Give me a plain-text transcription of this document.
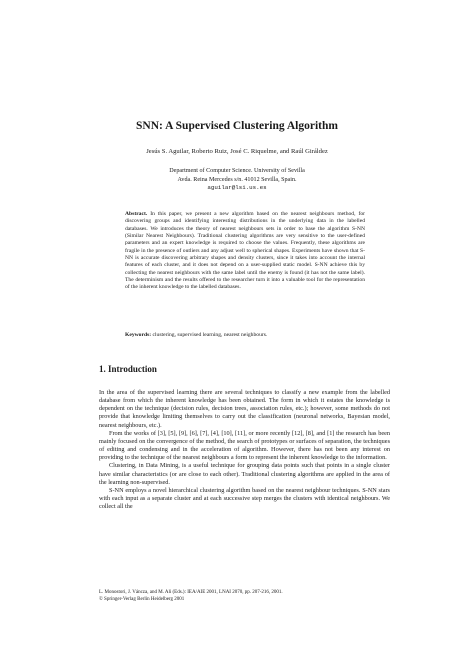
SNN: A Supervised Clustering Algorithm

Jesús S. Aguilar, Roberto Ruiz, José C. Riquelme, and Raúl Giráldez

Department of Computer Science. University of Sevilla
Avda. Reina Mercedes s/n. 41012 Sevilla, Spain.
aguilar@lsi.us.es

Abstract. In this paper, we present a new algorithm based on the nearest neighbours method, for discovering groups and identifying interesting distributions in the underlying data in the labelled databases. We introduces the theory of nearest neighbours sets in order to base the algorithm S-NN (Similar Nearest Neighbours). Traditional clustering algorithms are very sensitive to the user-defined parameters and an expert knowledge is required to choose the values. Frequently, these algorithms are fragile in the presence of outliers and any adjust well to spherical shapes. Experiments have shown that S-NN is accurate discovering arbitrary shapes and density clusters, since it takes into account the internal features of each cluster, and it does not depend on a user-supplied static model. S-NN achieve this by collecting the nearest neighbours with the same label until the enemy is found (it has not the same label). The determinism and the results offered to the researcher turn it into a valuable tool for the representation of the inherent knowledge to the labelled databases.

Keywords: clustering, supervised learning, nearest neighbours.

1. Introduction

In the area of the supervised learning there are several techniques to classify a new example from the labelled database from which the inherent knowledge has been obtained. The form in which it estates the knowledge is dependent on the technique (decision rules, decision trees, association rules, etc.); however, some methods do not provide that knowledge limiting themselves to carry out the classification (neuronal networks, Bayesian model, nearest neighbours, etc.).

From the works of [3], [5], [9], [6], [7], [4], [10], [11], or more recently [12], [8], and [1] the research has been mainly focused on the convergence of the method, the search of prototypes or surfaces of separation, the techniques of editing and condensing and in the acceleration of algorithm. However, there has not been any interest on providing to the technique of the nearest neighbours a form to represent the inherent knowledge to the information.

Clustering, in Data Mining, is a useful technique for grouping data points such that points in a single cluster have similar characteristics (or are close to each other). Traditional clustering algorithms are applied in the area of the learning non-supervised.

S-NN employs a novel hierarchical clustering algorithm based on the nearest neighbour techniques. S-NN stars with each input as a separate cluster and at each successive step merges the clusters with identical neighbours. We collect all the

L. Monostori, J. Váncza, and M. Ali (Eds.): IEA/AIE 2001, LNAI 2070, pp. 207-216, 2001.
© Springer-Verlag Berlin Heidelberg 2001
